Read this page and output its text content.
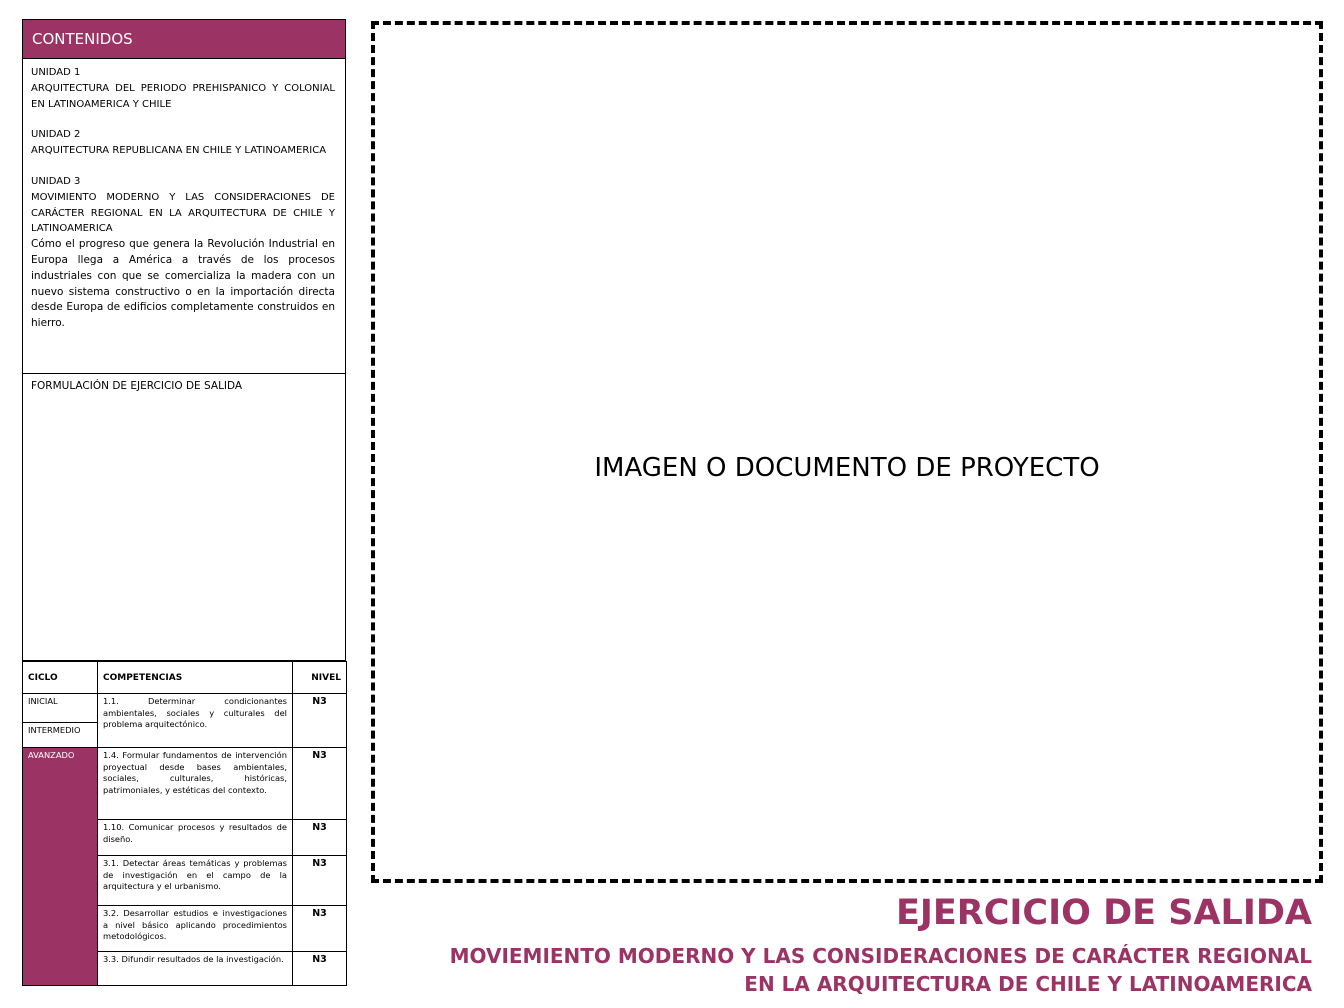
CONTENIDOS
UNIDAD 1
ARQUITECTURA DEL PERIODO PREHISPANICO Y COLONIAL EN LATINOAMERICA Y CHILE
UNIDAD 2
ARQUITECTURA REPUBLICANA EN CHILE Y LATINOAMERICA
UNIDAD 3
MOVIMIENTO MODERNO Y LAS CONSIDERACIONES DE CARÁCTER REGIONAL EN LA ARQUITECTURA DE CHILE Y LATINOAMERICA
Cómo el progreso que genera la Revolución Industrial en Europa llega a América a través de los procesos industriales con que se comercializa la madera con un nuevo sistema constructivo o en la importación directa desde Europa de edificios completamente construidos en hierro.
FORMULACIÓN DE EJERCICIO DE SALIDA
CICLO	COMPETENCIAS	NIVEL
INICIAL	1.1. Determinar condicionantes ambientales, sociales y culturales del problema arquitectónico.	N3
INTERMEDIO		

AVANZADO	1.4. Formular fundamentos de intervención proyectual desde bases ambientales, sociales, culturales, históricas, patrimoniales, y estéticas del contexto.	N3
	1.10. Comunicar procesos y resultados de diseño.	N3
	3.1. Detectar áreas temáticas y problemas de investigación en el campo de la arquitectura y el urbanismo.	N3
	3.2. Desarrollar estudios e investigaciones a nivel básico aplicando procedimientos metodológicos.	N3
	3.3. Difundir resultados de la investigación.	N3
IMAGEN O DOCUMENTO DE PROYECTO
EJERCICIO DE SALIDA
MOVIEMIENTO MODERNO Y LAS CONSIDERACIONES DE CARÁCTER REGIONAL
EN LA ARQUITECTURA DE CHILE Y LATINOAMERICA
